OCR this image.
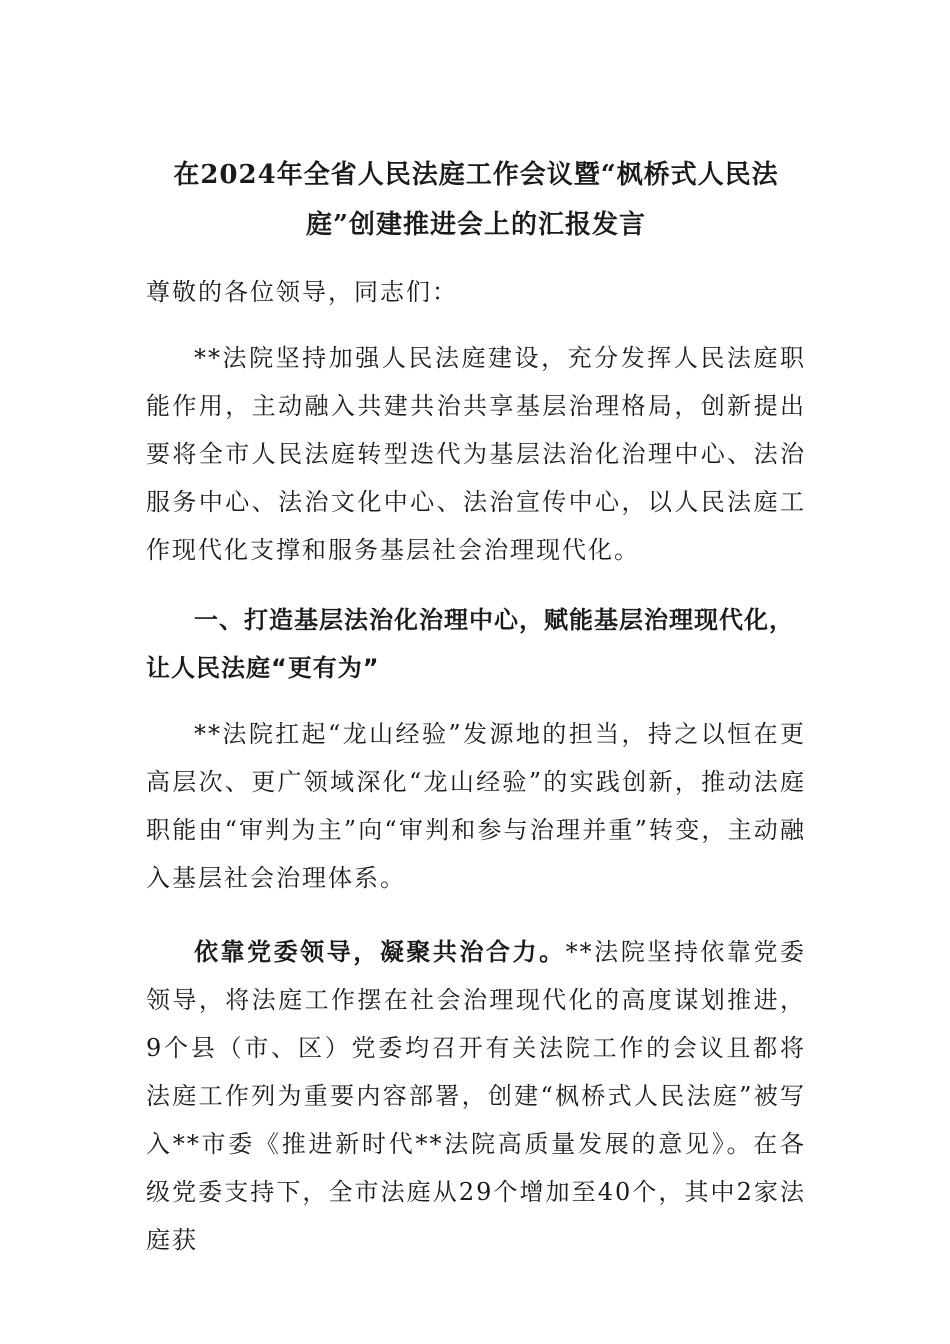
在2024年全省人民法庭工作会议暨“枫桥式人民法庭”创建推进会上的汇报发言

尊敬的各位领导，同志们：

**法院坚持加强人民法庭建设，充分发挥人民法庭职能作用，主动融入共建共治共享基层治理格局，创新提出要将全市人民法庭转型迭代为基层法治化治理中心、法治服务中心、法治文化中心、法治宣传中心，以人民法庭工作现代化支撑和服务基层社会治理现代化。

一、打造基层法治化治理中心，赋能基层治理现代化，让人民法庭“更有为”

**法院扛起“龙山经验”发源地的担当，持之以恒在更高层次、更广领域深化“龙山经验”的实践创新，推动法庭职能由“审判为主”向“审判和参与治理并重”转变，主动融入基层社会治理体系。

依靠党委领导，凝聚共治合力。**法院坚持依靠党委领导，将法庭工作摆在社会治理现代化的高度谋划推进，9个县（市、区）党委均召开有关法院工作的会议且都将法庭工作列为重要内容部署，创建“枫桥式人民法庭”被写入**市委《推进新时代**法院高质量发展的意见》。在各级党委支持下，全市法庭从29个增加至40个，其中2家法庭获
